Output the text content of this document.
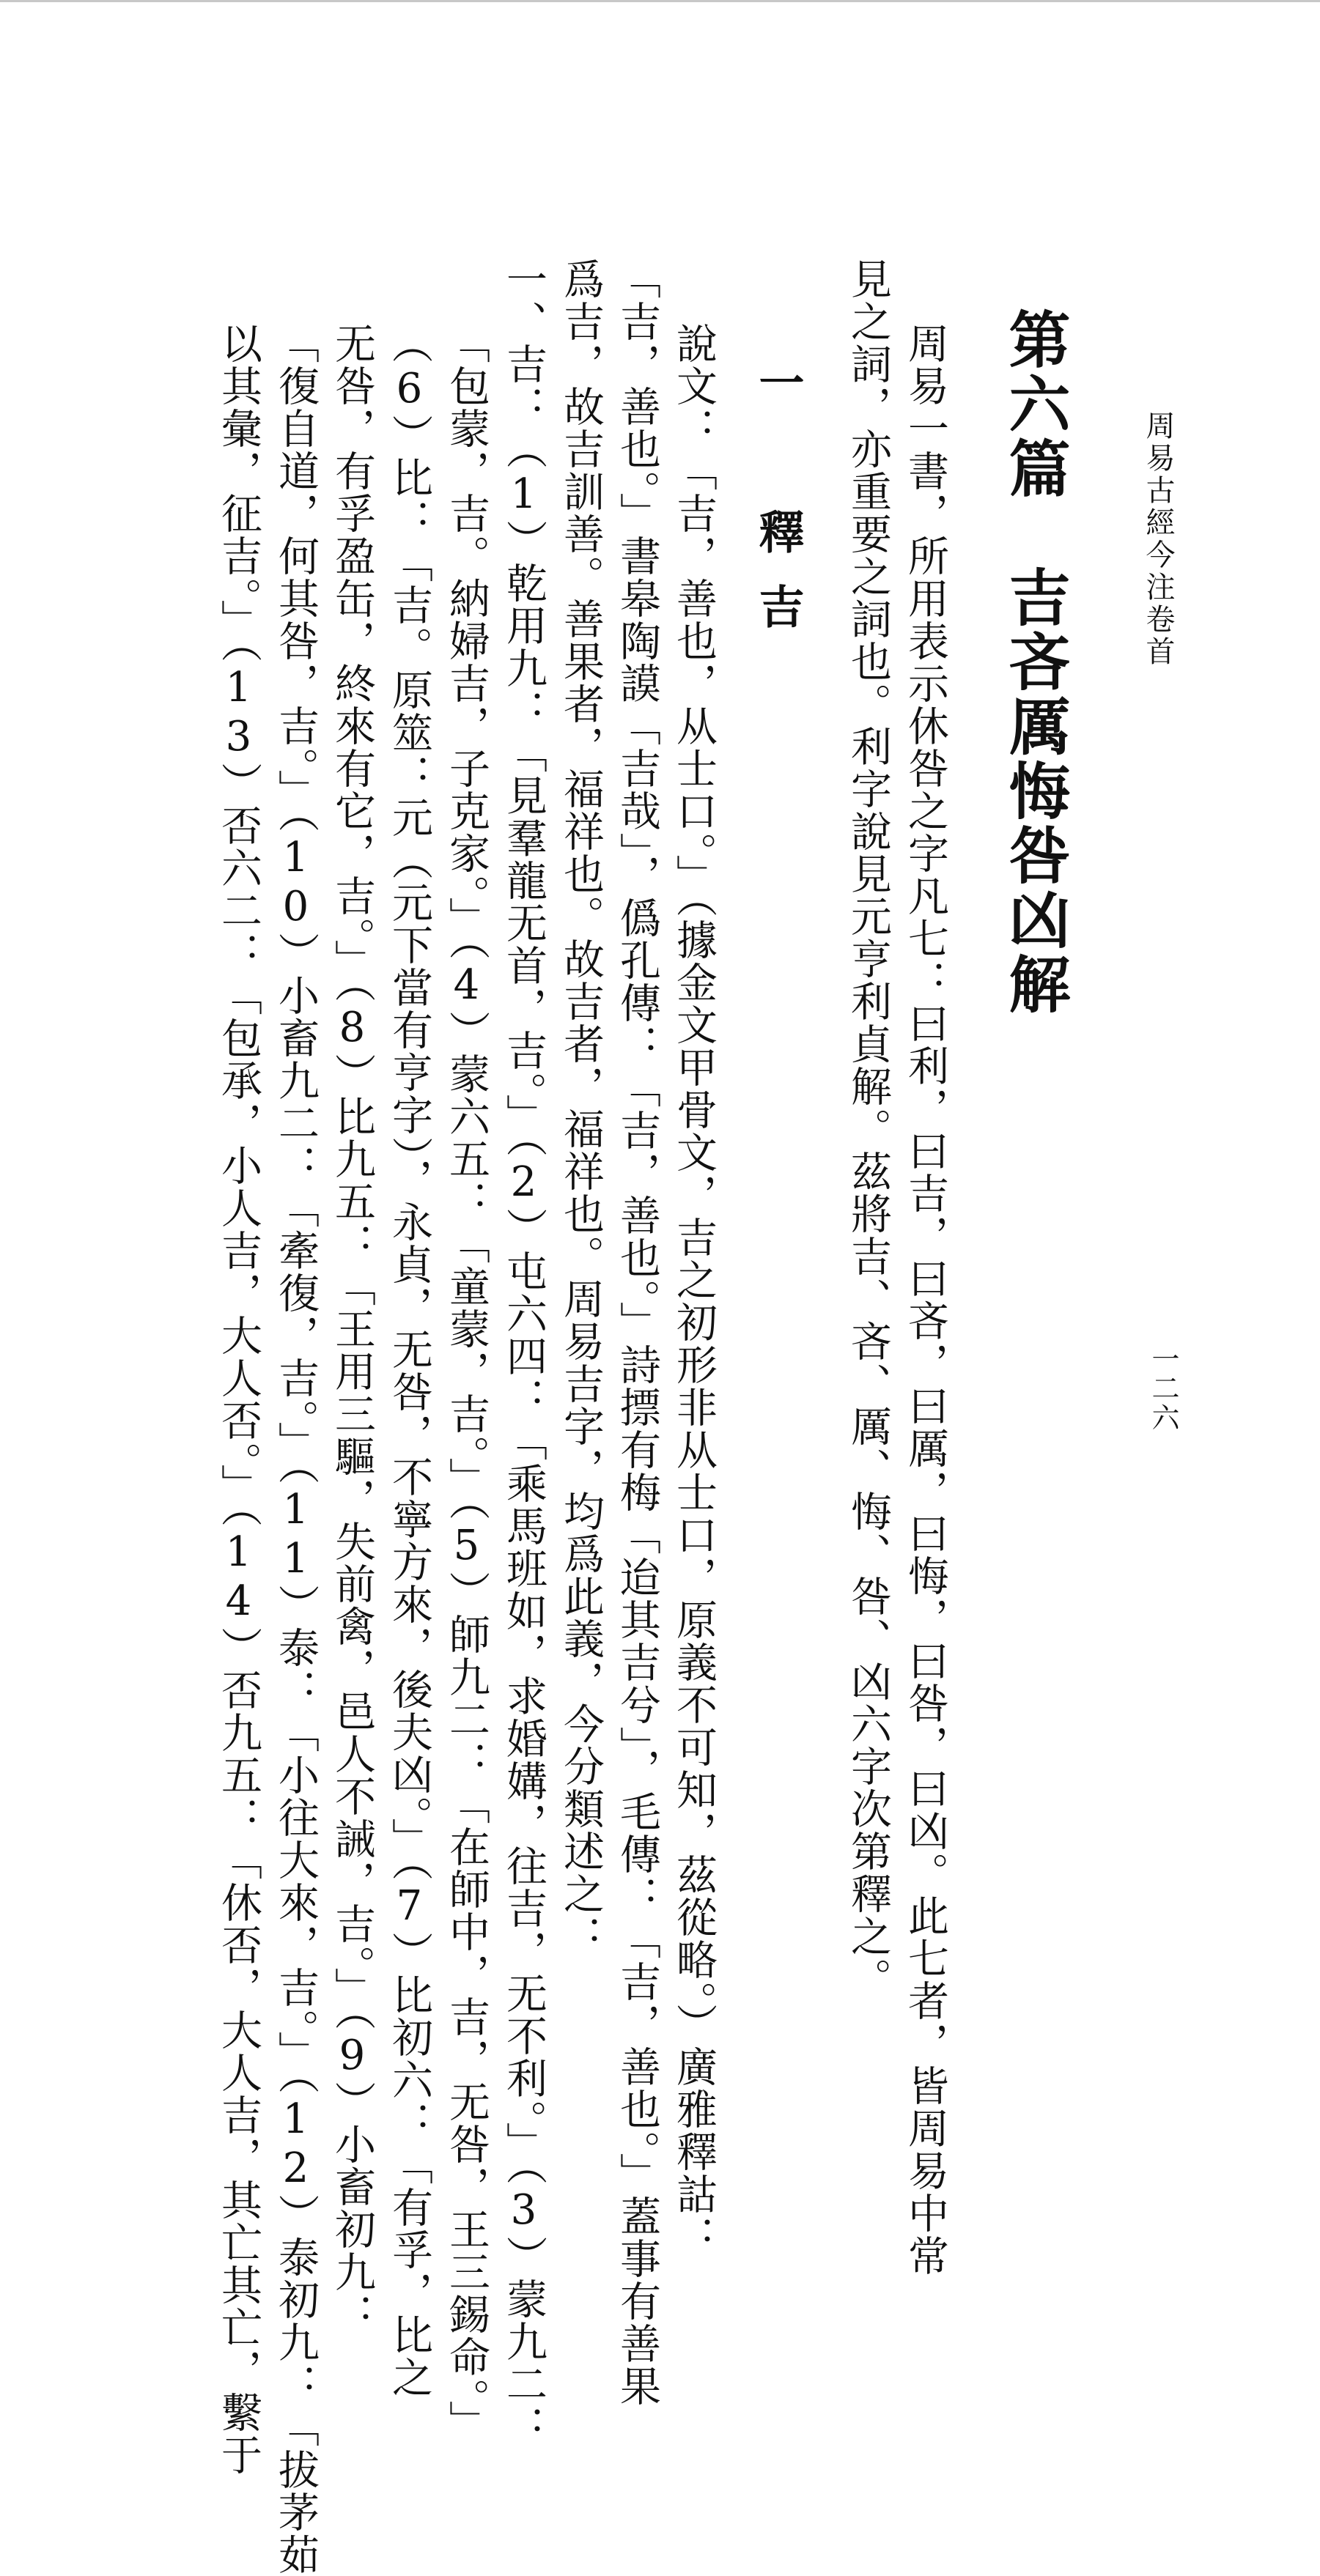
周易古經今注卷首
一二六
第六篇　吉吝厲悔咎凶解
周易一書，所用表示休咎之字凡七：曰利，曰吉，曰吝，曰厲，曰悔，曰咎，曰凶。此七者，皆周易中常
見之詞，亦重要之詞也。利字說見元亨利貞解。茲將吉、吝、厲、悔、咎、凶六字次第釋之。
一　釋吉
說文：「吉，善也，从士口。」（據金文甲骨文，吉之初形非从士口，原義不可知，茲從略。）廣雅釋詁：
「吉，善也。」書皋陶謨「吉哉」，僞孔傳：「吉，善也。」詩摽有梅「迨其吉兮」，毛傳：「吉，善也。」蓋事有善果
爲吉，故吉訓善。善果者，福祥也。故吉者，福祥也。周易吉字，均爲此義，今分類述之：
一、吉：（1）乾用九：「見羣龍无首，吉。」（2）屯六四：「乘馬班如，求婚媾，往吉，无不利。」（3）蒙九二：
「包蒙，吉。納婦吉，子克家。」（4）蒙六五：「童蒙，吉。」（5）師九二：「在師中，吉，无咎，王三錫命。」
（6）比：「吉。原筮：元（元下當有亨字），永貞，无咎，不寧方來，後夫凶。」（7）比初六：「有孚，比之
无咎，有孚盈缶，終來有它，吉。」（8）比九五：「王用三驅，失前禽，邑人不誡，吉。」（9）小畜初九：
「復自道，何其咎，吉。」（10）小畜九二：「牽復，吉。」（11）泰：「小往大來，吉。」（12）泰初九：「拔茅茹
以其彙，征吉。」（13）否六二：「包承，小人吉，大人否。」（14）否九五：「休否，大人吉，其亡其亡，繫于
